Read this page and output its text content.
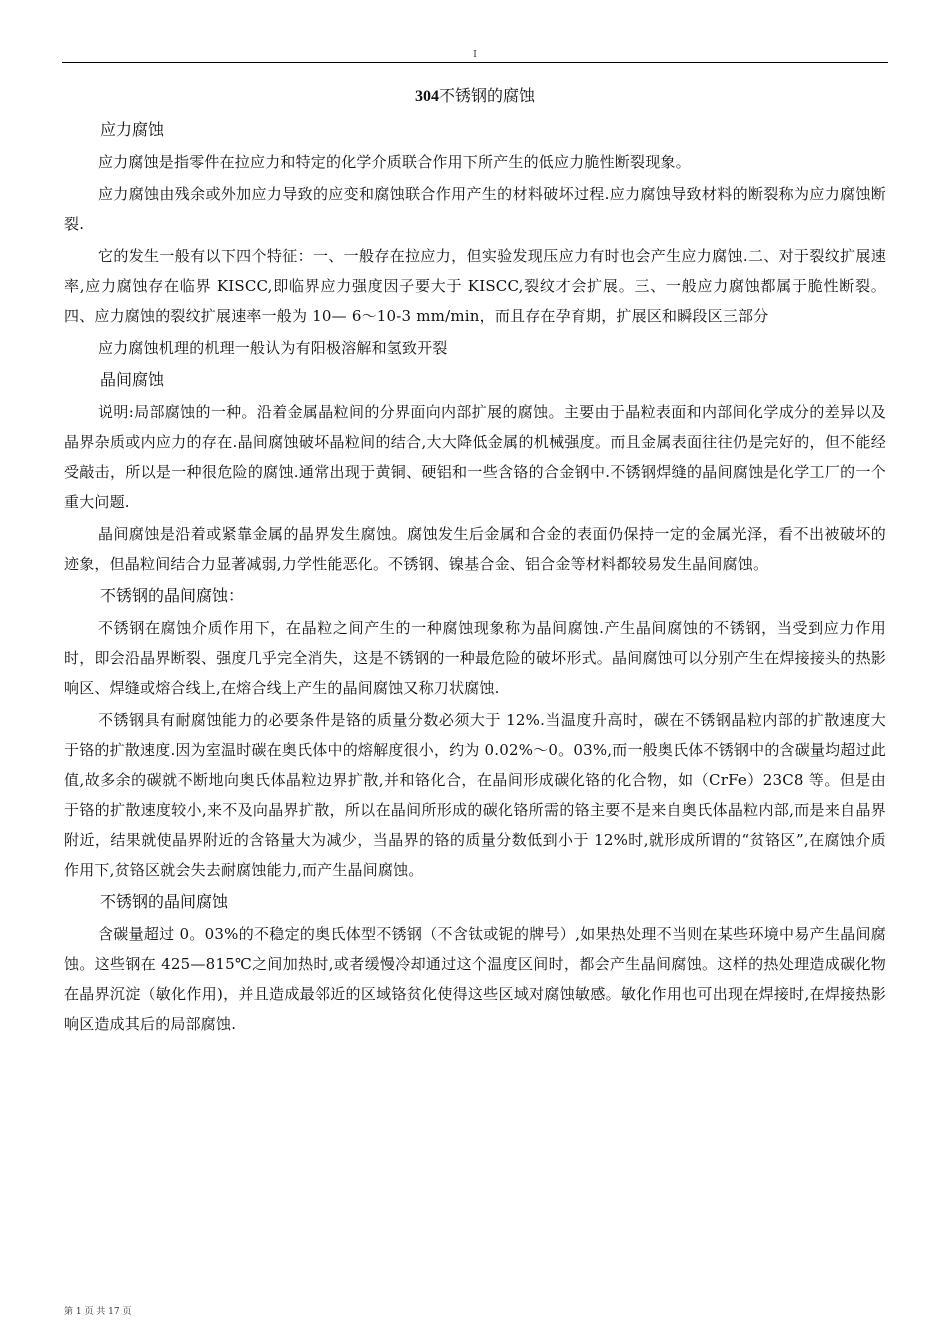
I
304不锈钢的腐蚀

应力腐蚀

应力腐蚀是指零件在拉应力和特定的化学介质联合作用下所产生的低应力脆性断裂现象。

应力腐蚀由残余或外加应力导致的应变和腐蚀联合作用产生的材料破坏过程.应力腐蚀导致材料的断裂称为应力腐蚀断裂.

它的发生一般有以下四个特征：一、一般存在拉应力，但实验发现压应力有时也会产生应力腐蚀.二、对于裂纹扩展速率,应力腐蚀存在临界 KISCC,即临界应力强度因子要大于 KISCC,裂纹才会扩展。三、一般应力腐蚀都属于脆性断裂。四、应力腐蚀的裂纹扩展速率一般为 10— 6～10-3 mm/min，而且存在孕育期，扩展区和瞬段区三部分

应力腐蚀机理的机理一般认为有阳极溶解和氢致开裂

晶间腐蚀

说明:局部腐蚀的一种。沿着金属晶粒间的分界面向内部扩展的腐蚀。主要由于晶粒表面和内部间化学成分的差异以及晶界杂质或内应力的存在.晶间腐蚀破坏晶粒间的结合,大大降低金属的机械强度。而且金属表面往往仍是完好的，但不能经受敲击，所以是一种很危险的腐蚀.通常出现于黄铜、硬铝和一些含铬的合金钢中.不锈钢焊缝的晶间腐蚀是化学工厂的一个重大问题.

晶间腐蚀是沿着或紧靠金属的晶界发生腐蚀。腐蚀发生后金属和合金的表面仍保持一定的金属光泽，看不出被破坏的迹象，但晶粒间结合力显著减弱,力学性能恶化。不锈钢、镍基合金、铝合金等材料都较易发生晶间腐蚀。

不锈钢的晶间腐蚀：

不锈钢在腐蚀介质作用下，在晶粒之间产生的一种腐蚀现象称为晶间腐蚀.产生晶间腐蚀的不锈钢，当受到应力作用时，即会沿晶界断裂、强度几乎完全消失，这是不锈钢的一种最危险的破坏形式。晶间腐蚀可以分别产生在焊接接头的热影响区、焊缝或熔合线上,在熔合线上产生的晶间腐蚀又称刀状腐蚀.

不锈钢具有耐腐蚀能力的必要条件是铬的质量分数必须大于 12%.当温度升高时，碳在不锈钢晶粒内部的扩散速度大于铬的扩散速度.因为室温时碳在奥氏体中的熔解度很小，约为 0.02%～0。03%,而一般奥氏体不锈钢中的含碳量均超过此值,故多余的碳就不断地向奥氏体晶粒边界扩散,并和铬化合，在晶间形成碳化铬的化合物，如（CrFe）23C8 等。但是由于铬的扩散速度较小,来不及向晶界扩散，所以在晶间所形成的碳化铬所需的铬主要不是来自奥氏体晶粒内部,而是来自晶界附近，结果就使晶界附近的含铬量大为减少，当晶界的铬的质量分数低到小于 12%时,就形成所谓的“贫铬区”,在腐蚀介质作用下,贫铬区就会失去耐腐蚀能力,而产生晶间腐蚀。

不锈钢的晶间腐蚀

含碳量超过 0。03%的不稳定的奥氏体型不锈钢（不含钛或铌的牌号）,如果热处理不当则在某些环境中易产生晶间腐蚀。这些钢在 425—815℃之间加热时,或者缓慢冷却通过这个温度区间时，都会产生晶间腐蚀。这样的热处理造成碳化物在晶界沉淀（敏化作用)，并且造成最邻近的区域铬贫化使得这些区域对腐蚀敏感。敏化作用也可出现在焊接时,在焊接热影响区造成其后的局部腐蚀.

第 1 页 共 17 页
